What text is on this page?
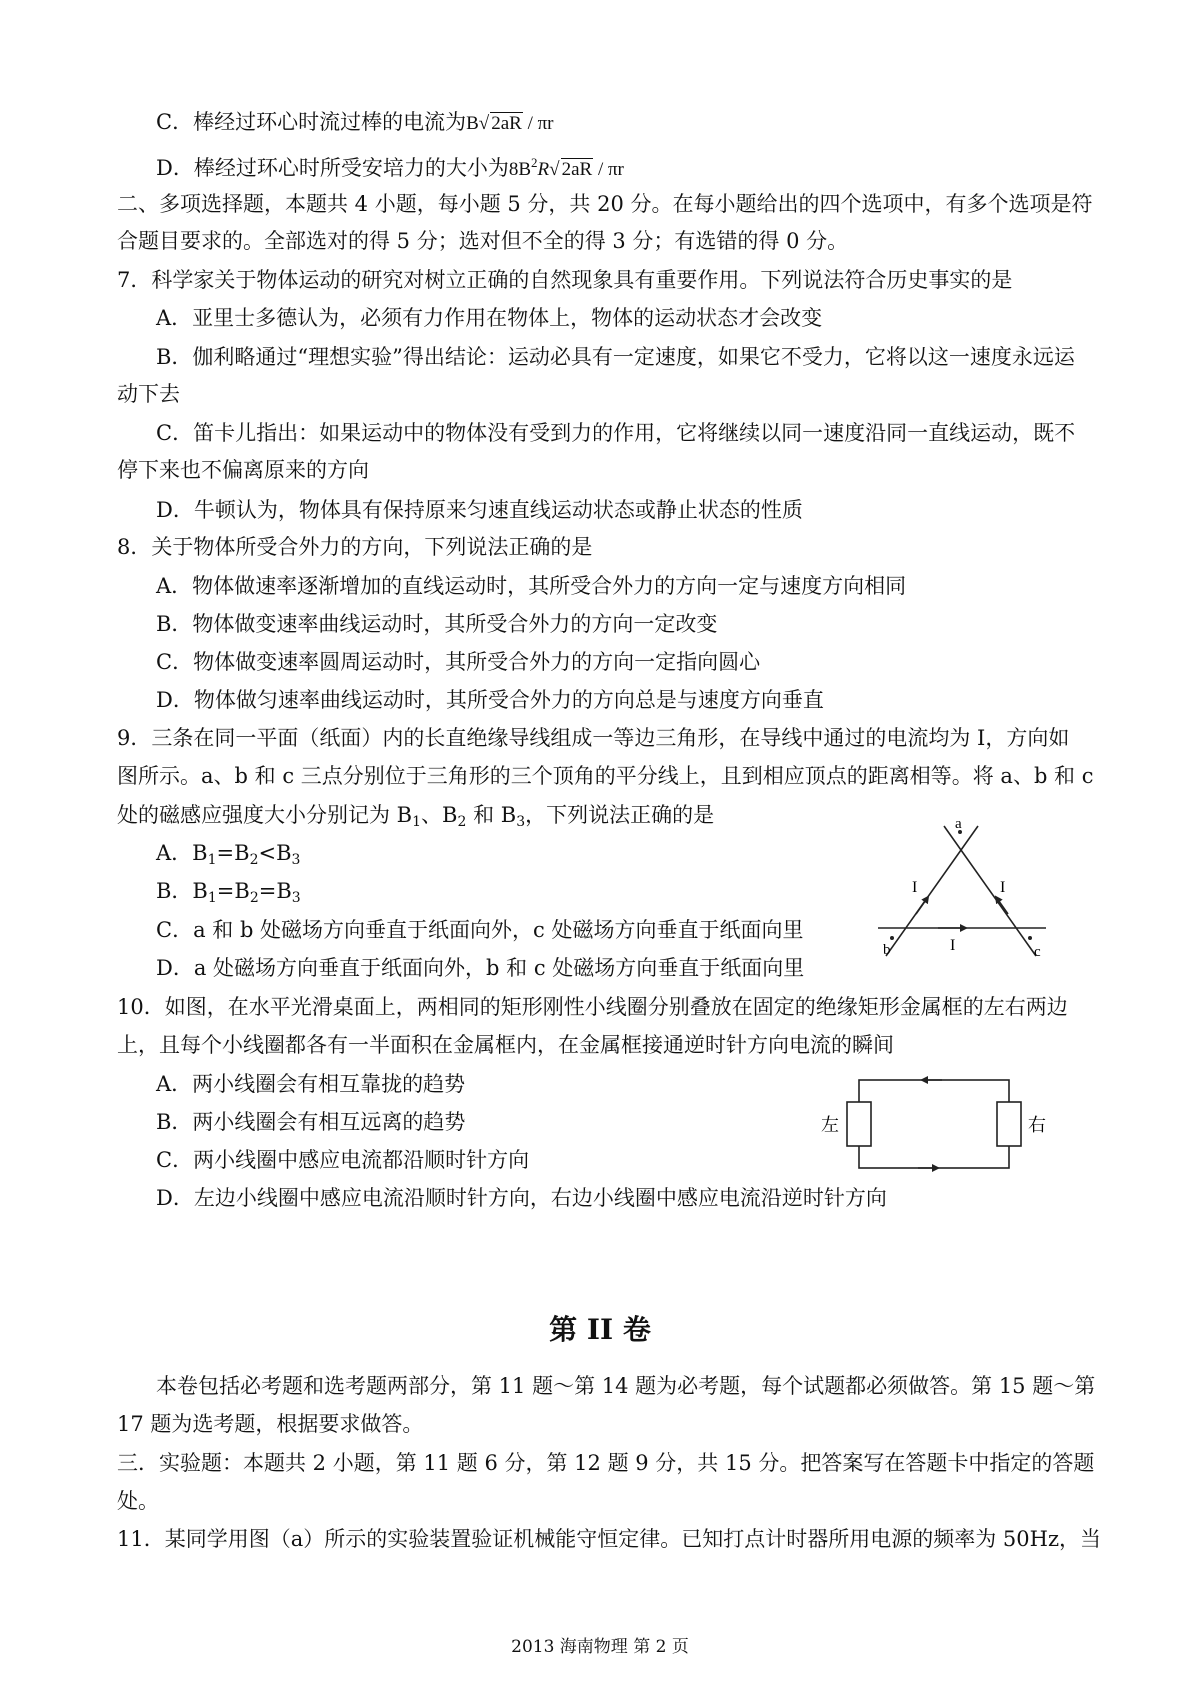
C．棒经过环心时流过棒的电流为B√ 2aR / πr
D．棒经过环心时所受安培力的大小为$8B^2R√$ 2aR / πr
二、多项选择题，本题共 4 小题，每小题 5 分，共 20 分。在每小题给出的四个选项中，有多个选项是符
合题目要求的。全部选对的得 5 分；选对但不全的得 3 分；有选错的得 0 分。
7．科学家关于物体运动的研究对树立正确的自然现象具有重要作用。下列说法符合历史事实的是
A．亚里士多德认为，必须有力作用在物体上，物体的运动状态才会改变
B．伽利略通过“理想实验”得出结论：运动必具有一定速度，如果它不受力，它将以这一速度永远运
动下去
C．笛卡儿指出：如果运动中的物体没有受到力的作用，它将继续以同一速度沿同一直线运动，既不
停下来也不偏离原来的方向
D．牛顿认为，物体具有保持原来匀速直线运动状态或静止状态的性质
8．关于物体所受合外力的方向，下列说法正确的是
A．物体做速率逐渐增加的直线运动时，其所受合外力的方向一定与速度方向相同
B．物体做变速率曲线运动时，其所受合外力的方向一定改变
C．物体做变速率圆周运动时，其所受合外力的方向一定指向圆心
D．物体做匀速率曲线运动时，其所受合外力的方向总是与速度方向垂直
9．三条在同一平面（纸面）内的长直绝缘导线组成一等边三角形，在导线中通过的电流均为 I，方向如
图所示。a、b 和 c 三点分别位于三角形的三个顶角的平分线上，且到相应顶点的距离相等。将 a、b 和 c
处的磁感应强度大小分别记为 $B_1$、$B_2$ 和 $B_3$，下列说法正确的是
A．$B_1=B_2<B_3$
B．$B_1=B_2=B_3$
C．a 和 b 处磁场方向垂直于纸面向外，c 处磁场方向垂直于纸面向里
D．a 处磁场方向垂直于纸面向外，b 和 c 处磁场方向垂直于纸面向里
a
b	c
I	I
I
10．如图，在水平光滑桌面上，两相同的矩形刚性小线圈分别叠放在固定的绝缘矩形金属框的左右两边
上，且每个小线圈都各有一半面积在金属框内，在金属框接通逆时针方向电流的瞬间
A．两小线圈会有相互靠拢的趋势
B．两小线圈会有相互远离的趋势
C．两小线圈中感应电流都沿顺时针方向
D．左边小线圈中感应电流沿顺时针方向，右边小线圈中感应电流沿逆时针方向
左	右
第 II 卷
本卷包括必考题和选考题两部分，第 11 题～第 14 题为必考题，每个试题都必须做答。第 15 题～第
17 题为选考题，根据要求做答。
三．实验题：本题共 2 小题，第 11 题 6 分，第 12 题 9 分，共 15 分。把答案写在答题卡中指定的答题
处。
11．某同学用图（a）所示的实验装置验证机械能守恒定律。已知打点计时器所用电源的频率为 50Hz，当
2013 海南物理 第 2 页
